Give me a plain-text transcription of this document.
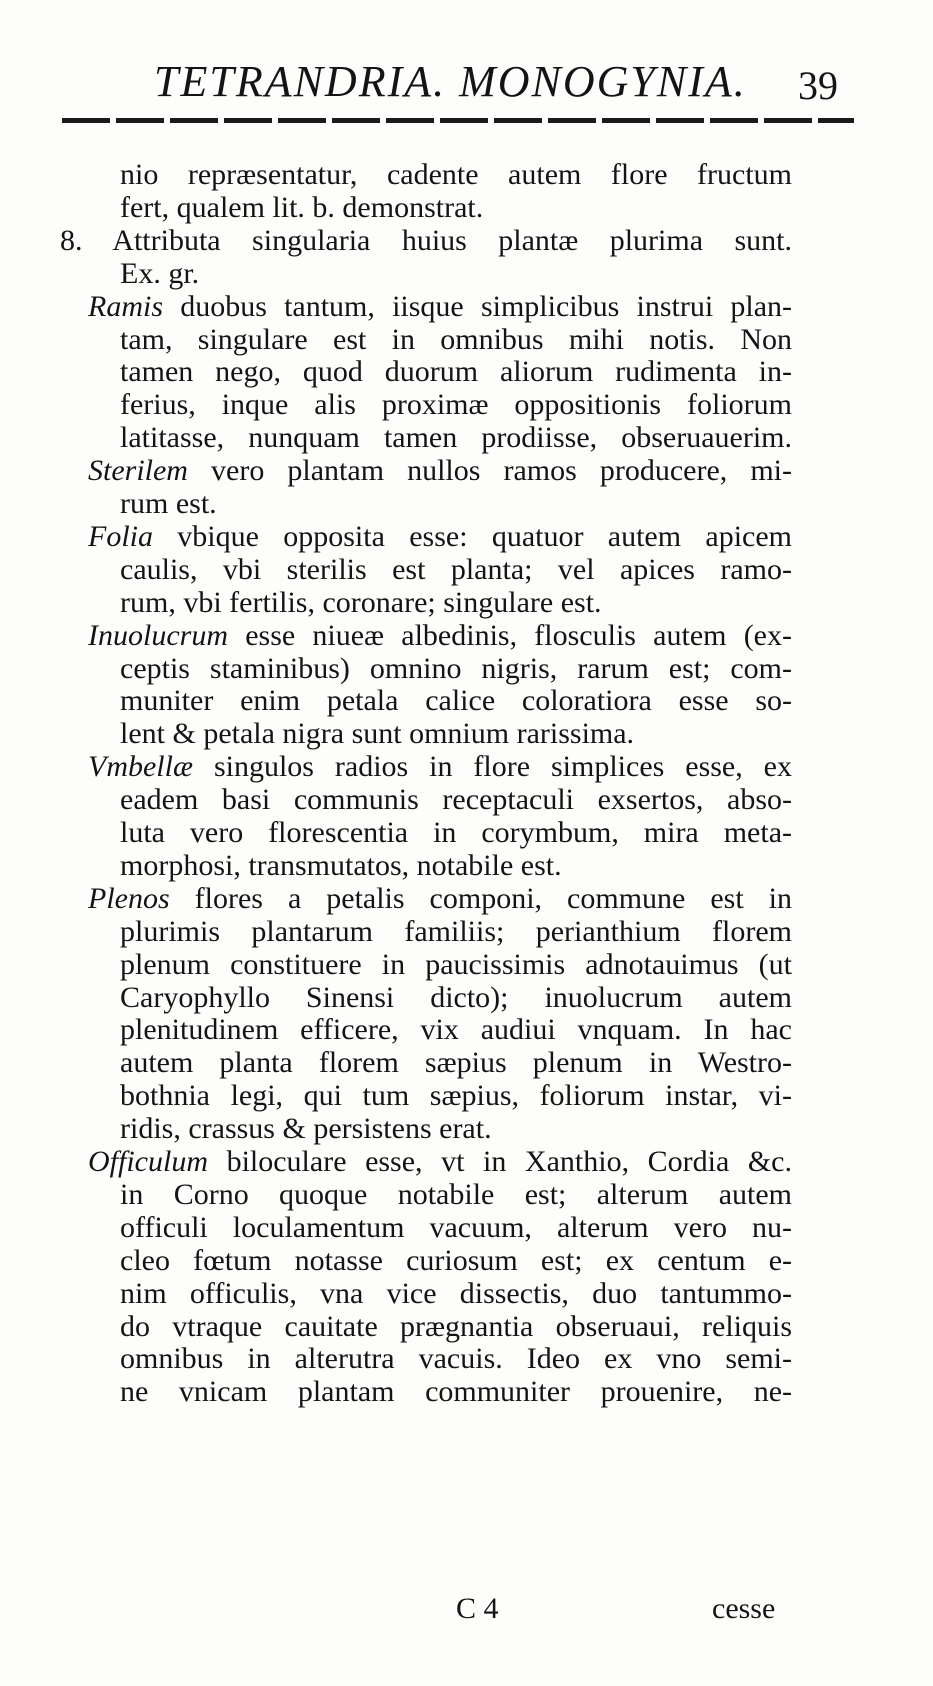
TETRANDRIA. MONOGYNIA. 39
nio repræsentatur, cadente autem flore fructum
fert, qualem lit. b. demonstrat.
8. Attributa singularia huius plantæ plurima sunt.
Ex. gr.
Ramis duobus tantum, iisque simplicibus instrui plan-
tam, singulare est in omnibus mihi notis. Non
tamen nego, quod duorum aliorum rudimenta in-
ferius, inque alis proximæ oppositionis foliorum
latitasse, nunquam tamen prodiisse, obseruauerim.
Sterilem vero plantam nullos ramos producere, mi-
rum est.
Folia vbique opposita esse: quatuor autem apicem
caulis, vbi sterilis est planta; vel apices ramo-
rum, vbi fertilis, coronare; singulare est.
Inuolucrum esse niueæ albedinis, flosculis autem (ex-
ceptis staminibus) omnino nigris, rarum est; com-
muniter enim petala calice coloratiora esse so-
lent & petala nigra sunt omnium rarissima.
Vmbellæ singulos radios in flore simplices esse, ex
eadem basi communis receptaculi exsertos, abso-
luta vero florescentia in corymbum, mira meta-
morphosi, transmutatos, notabile est.
Plenos flores a petalis componi, commune est in
plurimis plantarum familiis; perianthium florem
plenum constituere in paucissimis adnotauimus (ut
Caryophyllo Sinensi dicto); inuolucrum autem
plenitudinem efficere, vix audiui vnquam. In hac
autem planta florem sæpius plenum in Westro-
bothnia legi, qui tum sæpius, foliorum instar, vi-
ridis, crassus & persistens erat.
Officulum biloculare esse, vt in Xanthio, Cordia &c.
in Corno quoque notabile est; alterum autem
officuli loculamentum vacuum, alterum vero nu-
cleo fœtum notasse curiosum est; ex centum e-
nim officulis, vna vice dissectis, duo tantummo-
do vtraque cauitate prægnantia obseruaui, reliquis
omnibus in alterutra vacuis. Ideo ex vno semi-
ne vnicam plantam communiter prouenire, ne-
C 4	cesse
